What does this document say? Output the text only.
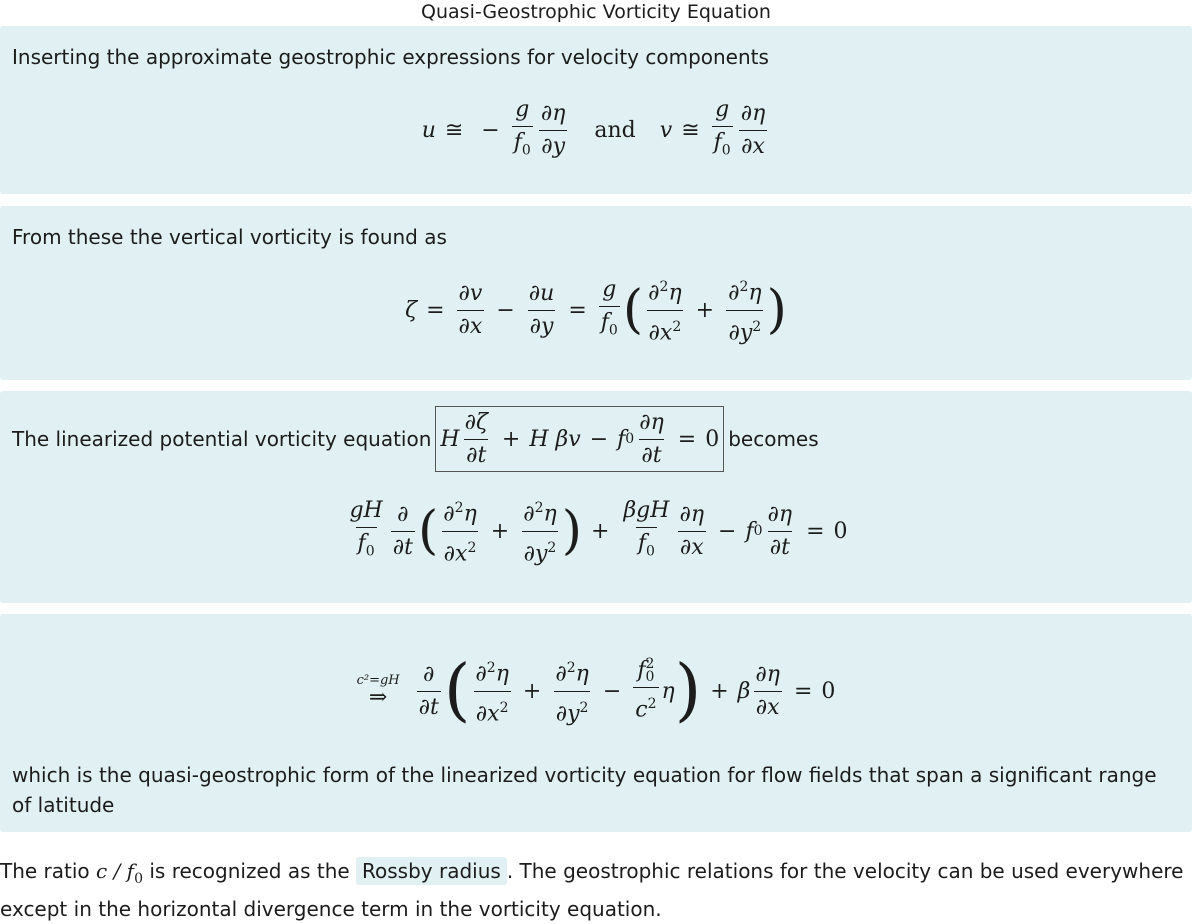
Quasi-Geostrophic Vorticity Equation
Inserting the approximate geostrophic expressions for velocity components
u ≅ − $\frac{g}{f_0} \frac{\partial\eta}{\partial y}$ and v ≅ $\frac{g}{f_0} \frac{\partial\eta}{\partial x}$
From these the vertical vorticity is found as
$\zeta = \frac{\partial v}{\partial x} - \frac{\partial u}{\partial y} = \frac{g}{f_0}$ ( $\frac{\partial^2\eta}{\partial x^2} + \frac{\partial^2\eta}{\partial y^2}$ )
The linearized potential vorticity equation H $\frac{\partial\zeta}{\partial t} + H$ β v − f $0 \frac{\partial\eta}{\partial t} = 0$ becomes
$\frac{gH}{f_0} \frac{\partial}{\partial t}$ ( $\frac{\partial^2\eta}{\partial x^2} + \frac{\partial^2\eta}{\partial y^2}$ ) + $\frac{\text{βgH}}{f_0} \frac{\partial\eta}{\partial x} - f$ $0 \frac{\partial\eta}{\partial t} = 0$
c²=gH
⇒ $\frac{\partial}{\partial t}$ ( $\frac{\partial^2\eta}{\partial x^2} + \frac{\partial^2\eta}{\partial y^2} - f$ 2
0
$c^2$ η ) + β $\frac{\partial\eta}{\partial x} = 0$
which is the quasi-geostrophic form of the linearized vorticity equation for flow fields that span a significant range
of latitude
The ratio c / $f_0$ is recognized as the Rossby radius . The geostrophic relations for the velocity can be used everywhere
except in the horizontal divergence term in the vorticity equation.
